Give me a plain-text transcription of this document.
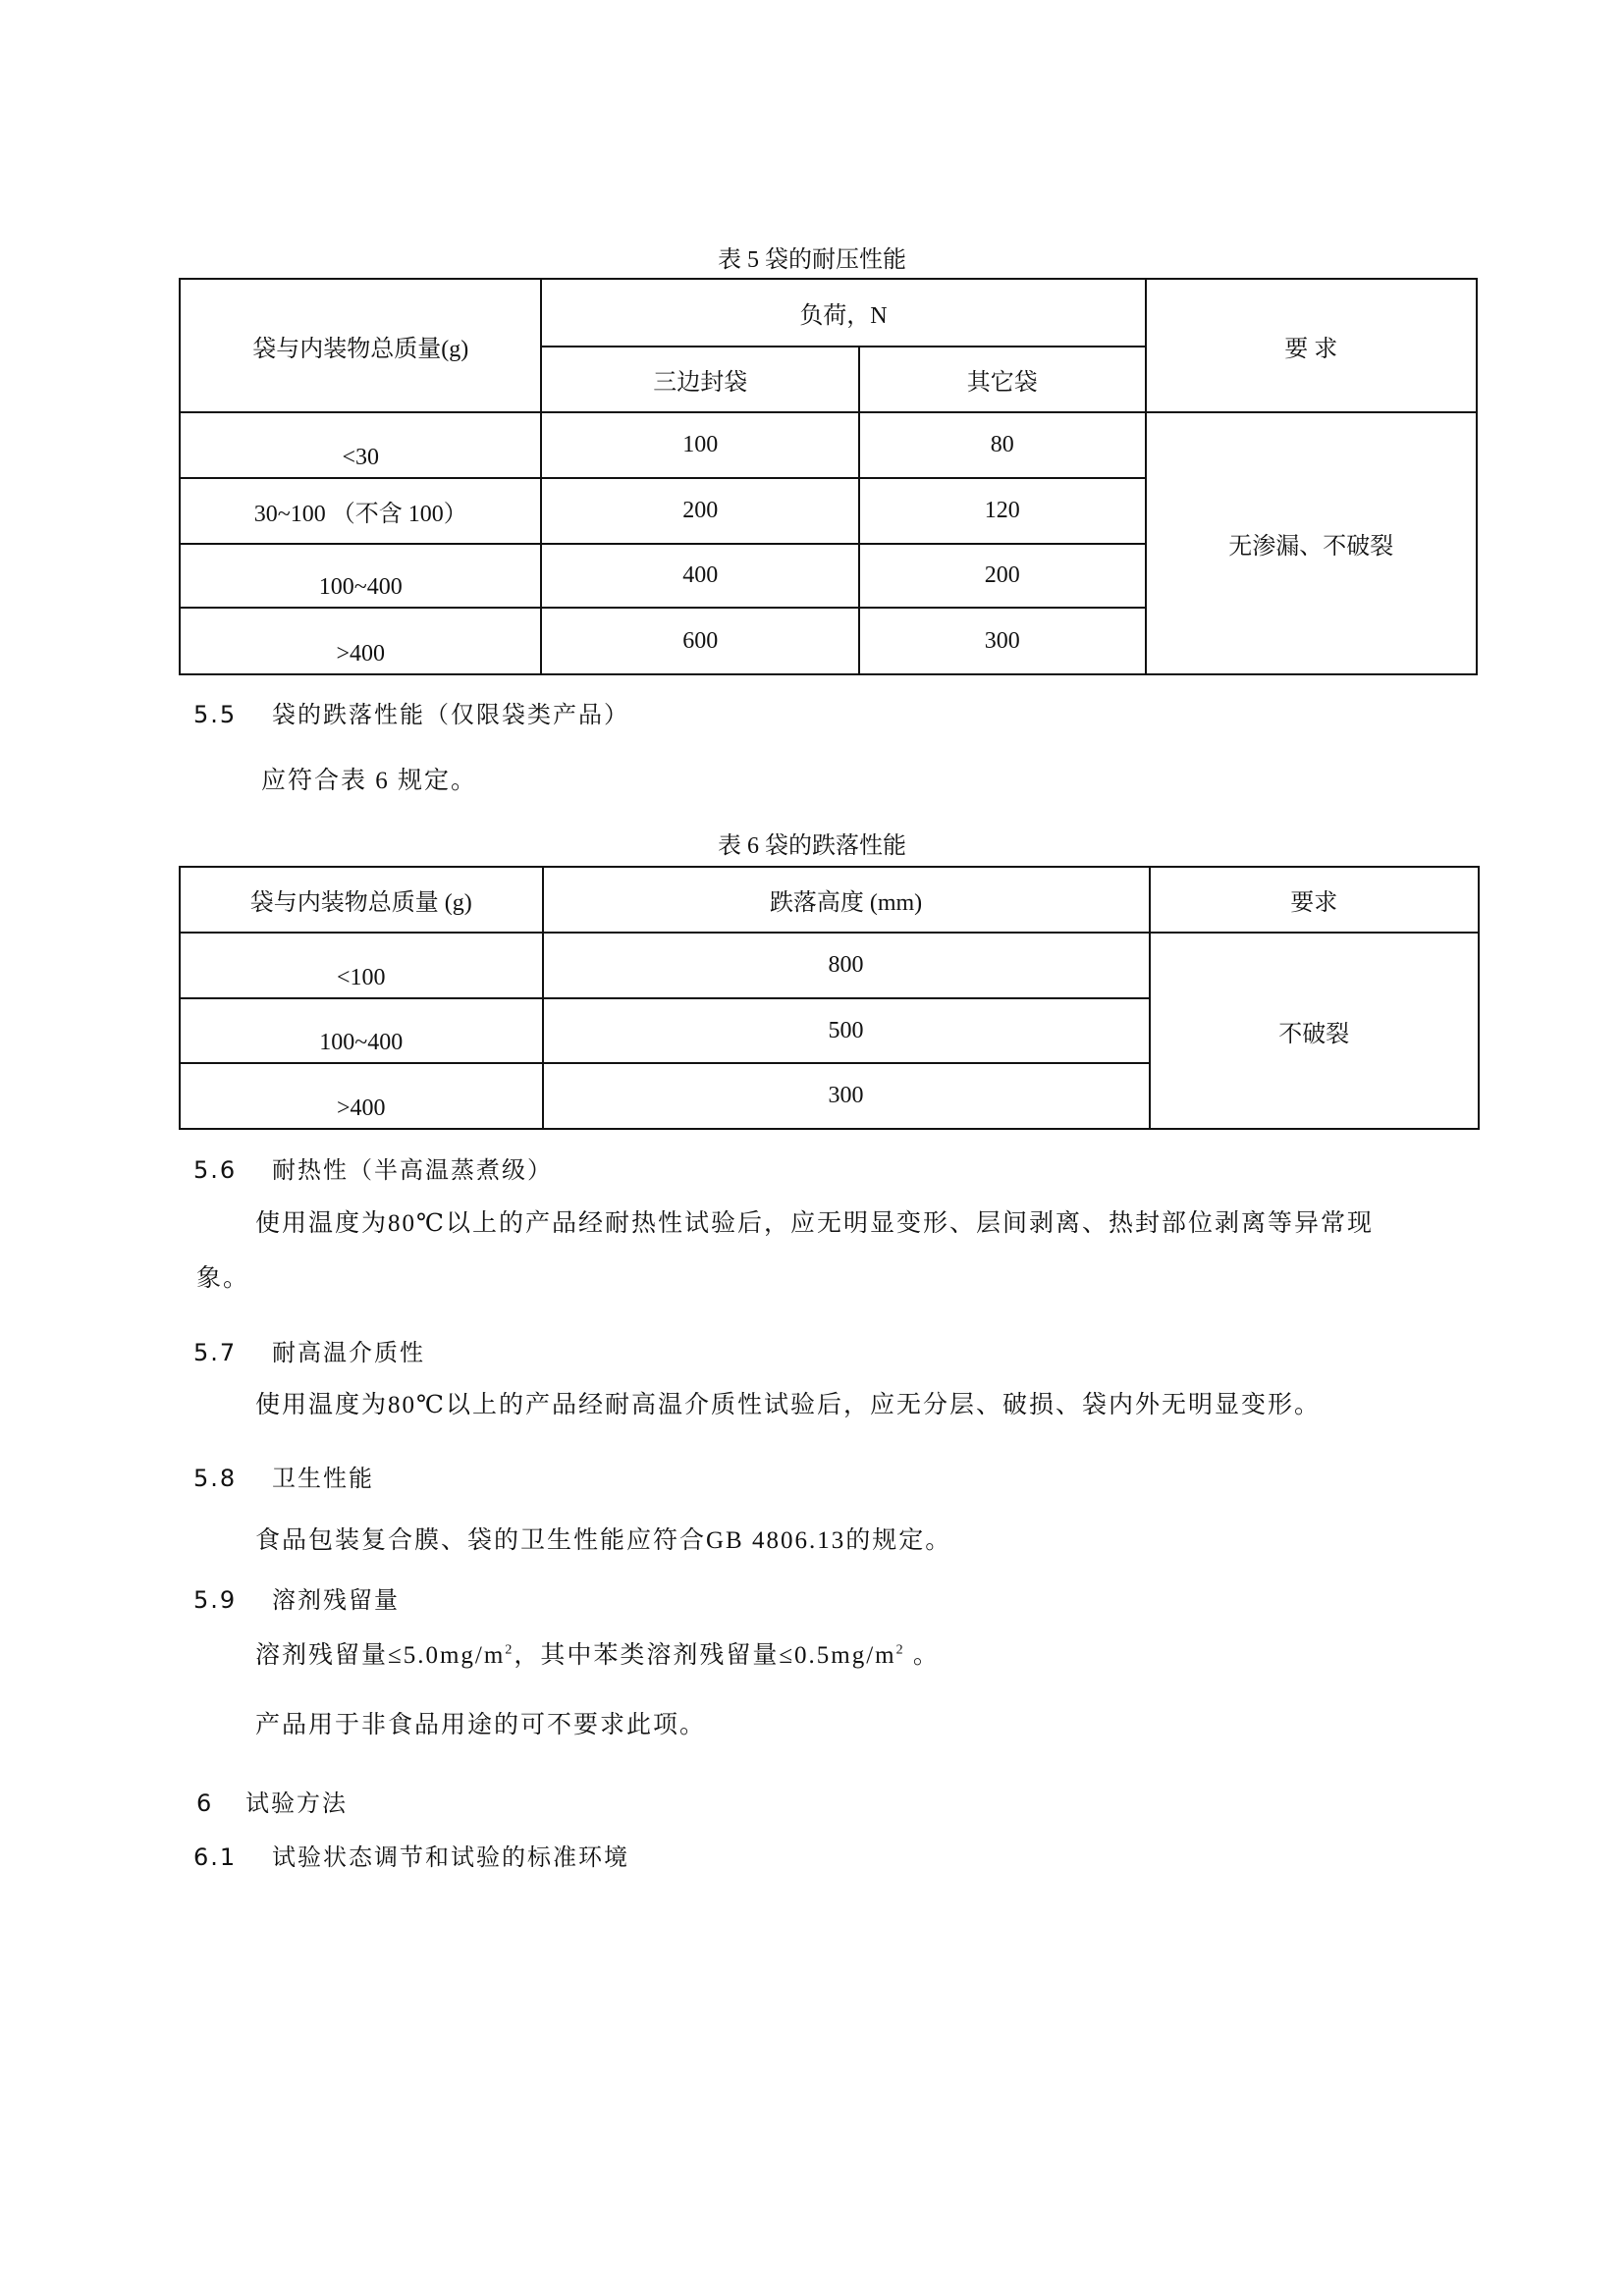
表 5 袋的耐压性能
袋与内装物总质量(g)	负荷，N		要 求
	三边封袋	其它袋	
<30	100	80	无渗漏、不破裂
30~100 （不含 100）	200	120	
100~400	400	200	
>400	600	300	
5.5 袋的跌落性能（仅限袋类产品）
应符合表 6 规定。
表 6 袋的跌落性能
袋与内装物总质量 (g)	跌落高度 (mm)	要求
<100	800	不破裂
100~400	500	
>400	300	
5.6 耐热性（半高温蒸煮级）
使用温度为80℃以上的产品经耐热性试验后，应无明显变形、层间剥离、热封部位剥离等异常现
象。
5.7 耐高温介质性
使用温度为80℃以上的产品经耐高温介质性试验后，应无分层、破损、袋内外无明显变形。
5.8 卫生性能
食品包装复合膜、袋的卫生性能应符合GB 4806.13的规定。
5.9 溶剂残留量
溶剂残留量$\le 5.0mg/m^2$，其中苯类溶剂残留量$\le 0.5mg/m^2$ 。
产品用于非食品用途的可不要求此项。
6 试验方法
6.1 试验状态调节和试验的标准环境
